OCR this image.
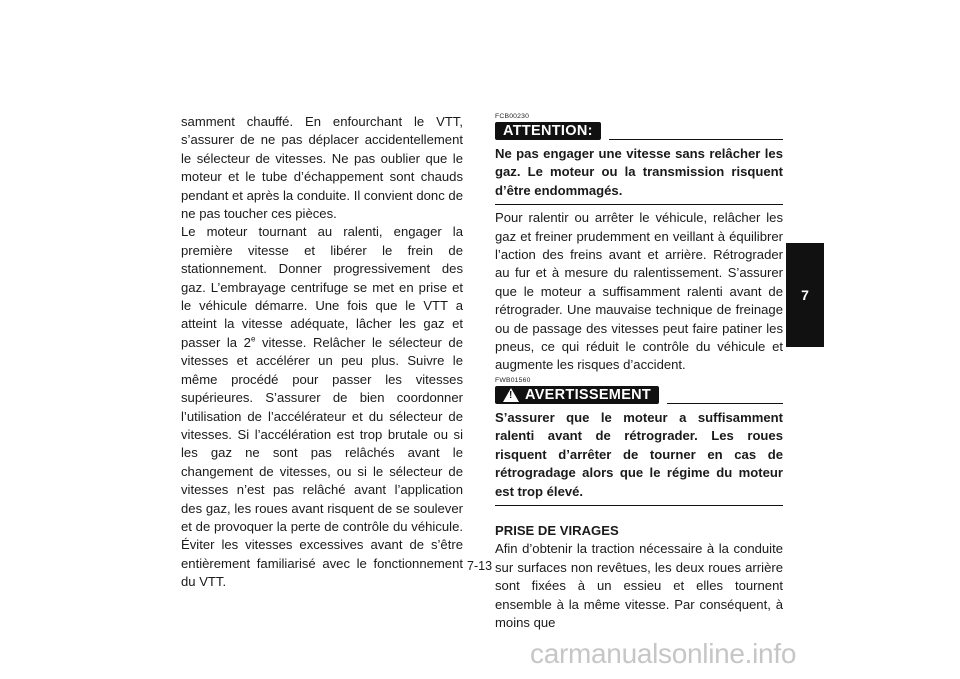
samment chauffé. En enfourchant le VTT, s’assurer de ne pas déplacer accidentellement le sélecteur de vitesses. Ne pas oublier que le moteur et le tube d’échappement sont chauds pendant et après la conduite. Il convient donc de ne pas toucher ces pièces.

Le moteur tournant au ralenti, engager la première vitesse et libérer le frein de stationnement. Donner progressivement des gaz. L’embrayage centrifuge se met en prise et le véhicule démarre. Une fois que le VTT a atteint la vitesse adéquate, lâcher les gaz et passer la 2e vitesse. Relâcher le sélecteur de vitesses et accélérer un peu plus. Suivre le même procédé pour passer les vitesses supérieures. S’assurer de bien coordonner l’utilisation de l’accélérateur et du sélecteur de vitesses. Si l’accélération est trop brutale ou si les gaz ne sont pas relâchés avant le changement de vitesses, ou si le sélecteur de vitesses n’est pas relâché avant l’application des gaz, les roues avant risquent de se soulever et de provoquer la perte de contrôle du véhicule. Éviter les vitesses excessives avant de s’être entièrement familiarisé avec le fonctionnement du VTT.

FCB00230
ATTENTION:

Ne pas engager une vitesse sans relâcher les gaz. Le moteur ou la transmission risquent d’être endommagés.

Pour ralentir ou arrêter le véhicule, relâcher les gaz et freiner prudemment en veillant à équilibrer l’action des freins avant et arrière. Rétrograder au fur et à mesure du ralentissement. S’assurer que le moteur a suffisamment ralenti avant de rétrograder. Une mauvaise technique de freinage ou de passage des vitesses peut faire patiner les pneus, ce qui réduit le contrôle du véhicule et augmente les risques d’accident.

FWB01560
! AVERTISSEMENT

S’assurer que le moteur a suffisamment ralenti avant de rétrograder. Les roues risquent d’arrêter de tourner en cas de rétrogradage alors que le régime du moteur est trop élevé.

PRISE DE VIRAGES

Afin d’obtenir la traction nécessaire à la conduite sur surfaces non revêtues, les deux roues arrière sont fixées à un essieu et elles tournent ensemble à la même vitesse. Par conséquent, à moins que

7-13
7
carmanualsonline.info
